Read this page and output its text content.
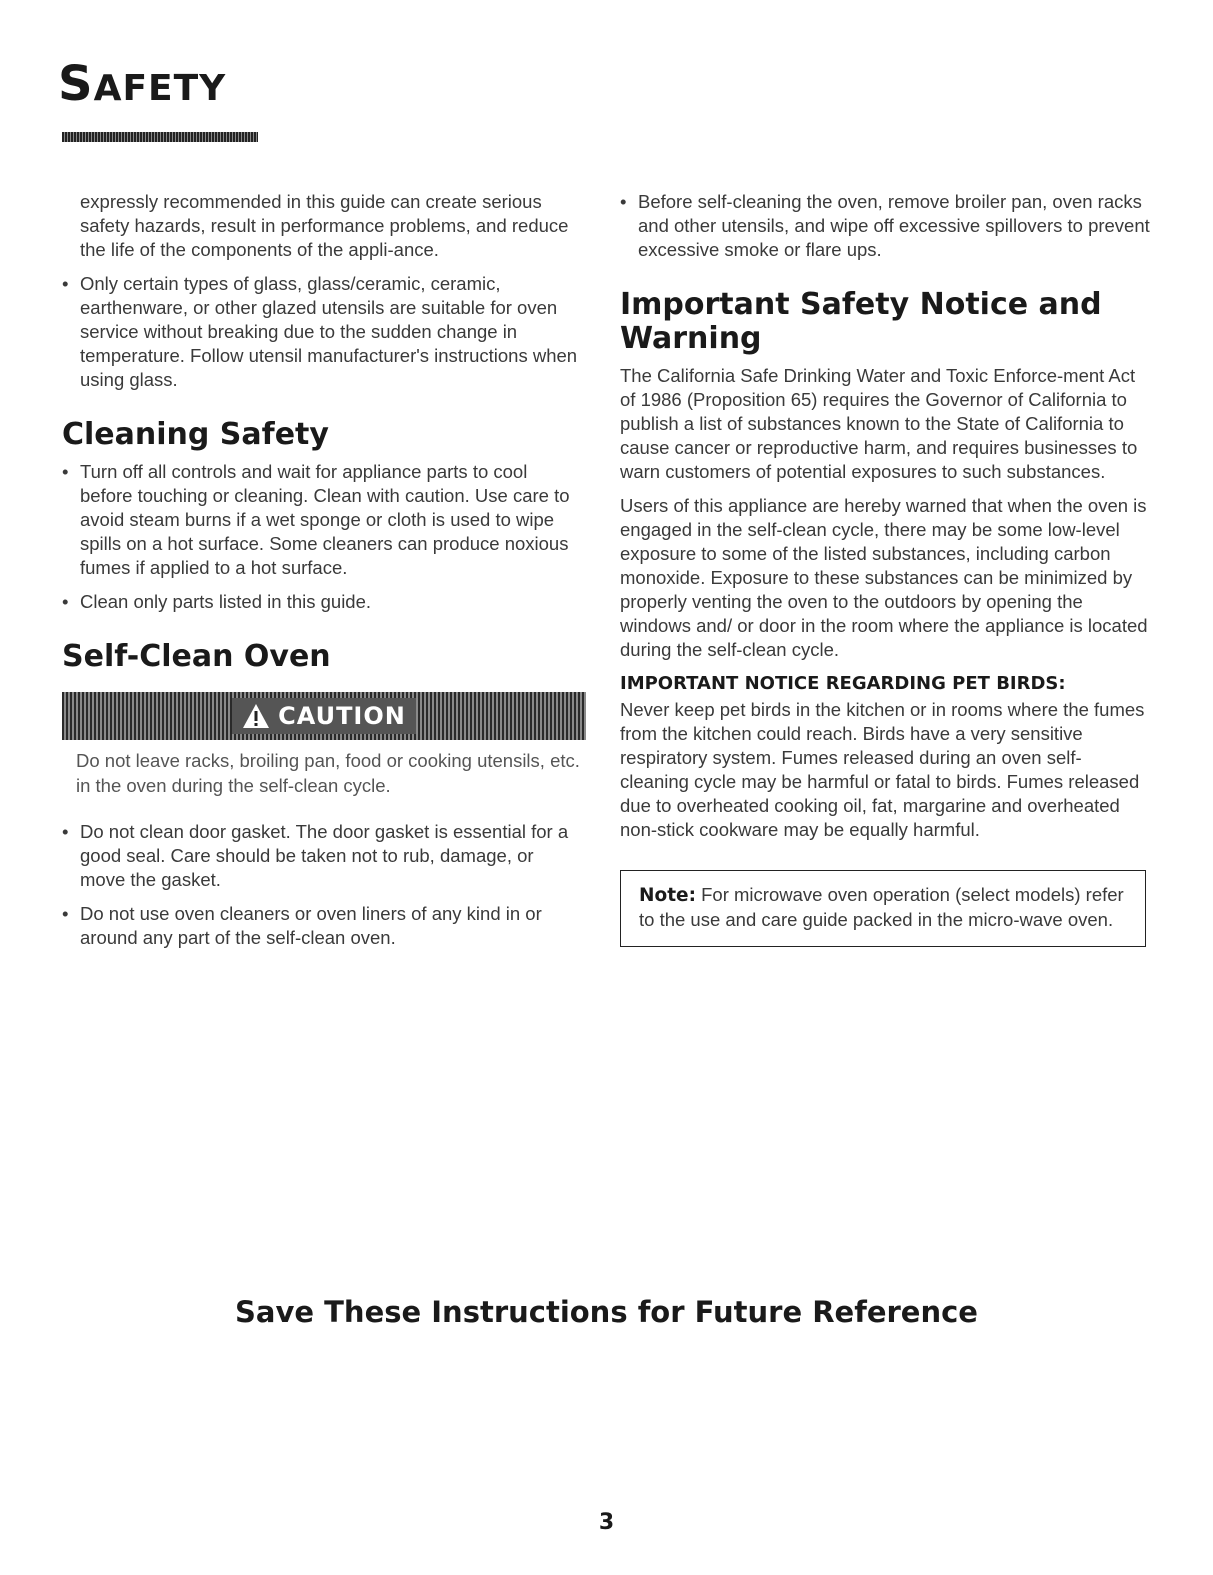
SAFETY

expressly recommended in this guide can create serious safety hazards, result in performance problems, and reduce the life of the components of the appli-ance.

• Only certain types of glass, glass/ceramic, ceramic, earthenware, or other glazed utensils are suitable for oven service without breaking due to the sudden change in temperature. Follow utensil manufacturer's instructions when using glass.

Cleaning Safety

• Turn off all controls and wait for appliance parts to cool before touching or cleaning. Clean with caution. Use care to avoid steam burns if a wet sponge or cloth is used to wipe spills on a hot surface. Some cleaners can produce noxious fumes if applied to a hot surface.

• Clean only parts listed in this guide.

Self-Clean Oven
CAUTION

Do not leave racks, broiling pan, food or cooking utensils, etc. in the oven during the self-clean cycle.

• Do not clean door gasket. The door gasket is essential for a good seal. Care should be taken not to rub, damage, or move the gasket.

• Do not use oven cleaners or oven liners of any kind in or around any part of the self-clean oven.

• Before self-cleaning the oven, remove broiler pan, oven racks and other utensils, and wipe off excessive spillovers to prevent excessive smoke or flare ups.

Important Safety Notice and Warning

The California Safe Drinking Water and Toxic Enforce-ment Act of 1986 (Proposition 65) requires the Governor of California to publish a list of substances known to the State of California to cause cancer or reproductive harm, and requires businesses to warn customers of potential exposures to such substances.

Users of this appliance are hereby warned that when the oven is engaged in the self-clean cycle, there may be some low-level exposure to some of the listed substances, including carbon monoxide. Exposure to these substances can be minimized by properly venting the oven to the outdoors by opening the windows and/ or door in the room where the appliance is located during the self-clean cycle.

IMPORTANT NOTICE REGARDING PET BIRDS:

Never keep pet birds in the kitchen or in rooms where the fumes from the kitchen could reach. Birds have a very sensitive respiratory system. Fumes released during an oven self-cleaning cycle may be harmful or fatal to birds. Fumes released due to overheated cooking oil, fat, margarine and overheated non-stick cookware may be equally harmful.

Note: For microwave oven operation (select models) refer to the use and care guide packed in the micro-wave oven.

Save These Instructions for Future Reference
3
